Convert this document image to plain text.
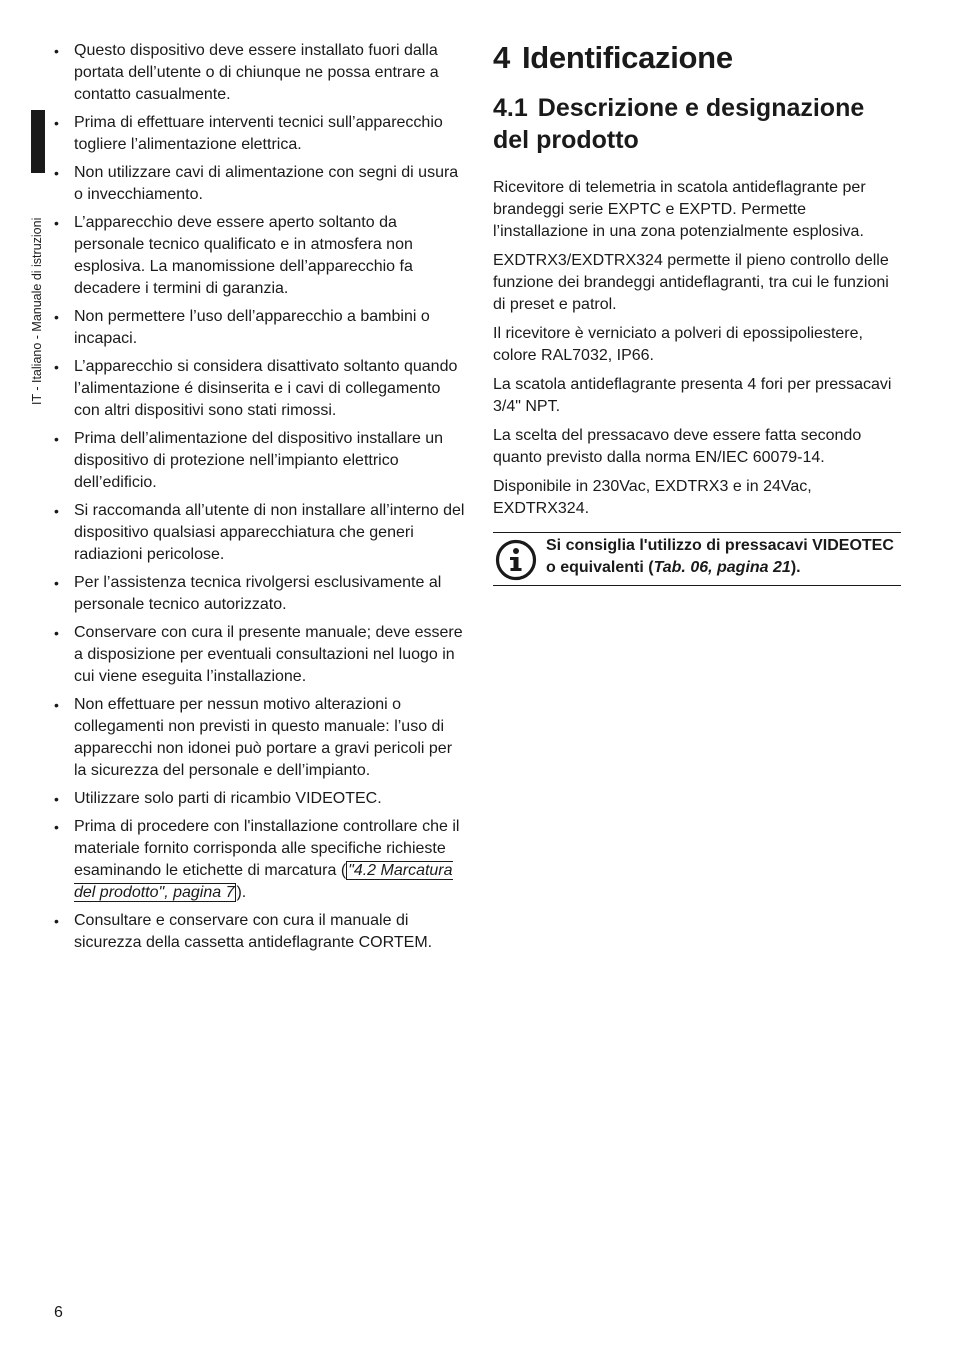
IT - Italiano - Manuale di istruzioni
• Questo dispositivo deve essere installato fuori dalla portata dell’utente o di chiunque ne possa entrare a contatto casualmente.
• Prima di effettuare interventi tecnici sull’apparecchio togliere l’alimentazione elettrica.
• Non utilizzare cavi di alimentazione con segni di usura o invecchiamento.
• L’apparecchio deve essere aperto soltanto da personale tecnico qualificato e in atmosfera non esplosiva. La manomissione dell’apparecchio fa decadere i termini di garanzia.
• Non permettere l’uso dell’apparecchio a bambini o incapaci.
• L’apparecchio si considera disattivato soltanto quando l’alimentazione é disinserita e i cavi di collegamento con altri dispositivi sono stati rimossi.
• Prima dell’alimentazione del dispositivo installare un dispositivo di protezione nell’impianto elettrico dell’edificio.
• Si raccomanda all’utente di non installare all’interno del dispositivo qualsiasi apparecchiatura che generi radiazioni pericolose.
• Per l’assistenza tecnica rivolgersi esclusivamente al personale tecnico autorizzato.
• Conservare con cura il presente manuale; deve essere a disposizione per eventuali consultazioni nel luogo in cui viene eseguita l’installazione.
• Non effettuare per nessun motivo alterazioni o collegamenti non previsti in questo manuale: l’uso di apparecchi non idonei può portare a gravi pericoli per la sicurezza del personale e dell’impianto.
• Utilizzare solo parti di ricambio VIDEOTEC.
• Prima di procedere con l'installazione controllare che il materiale fornito corrisponda alle specifiche richieste esaminando le etichette di marcatura ( "4.2 Marcatura del prodotto", pagina 7 ).
• Consultare e conservare con cura il manuale di sicurezza della cassetta antideflagrante CORTEM.
4 Identificazione
4.1 Descrizione e designazione del prodotto

Ricevitore di telemetria in scatola antideflagrante per brandeggi serie EXPTC e EXPTD. Permette l’installazione in una zona potenzialmente esplosiva.

EXDTRX3/EXDTRX324 permette il pieno controllo delle funzione dei brandeggi antideflagranti, tra cui le funzioni di preset e patrol.

Il ricevitore è verniciato a polveri di epossipoliestere, colore RAL7032, IP66.

La scatola antideflagrante presenta 4 fori per pressacavi 3/4" NPT.

La scelta del pressacavo deve essere fatta secondo quanto previsto dalla norma EN/IEC 60079-14.

Disponibile in 230Vac, EXDTRX3 e in 24Vac, EXDTRX324.

Si consiglia l'utilizzo di pressacavi VIDEOTEC o equivalenti (Tab. 06, pagina 21).
6
